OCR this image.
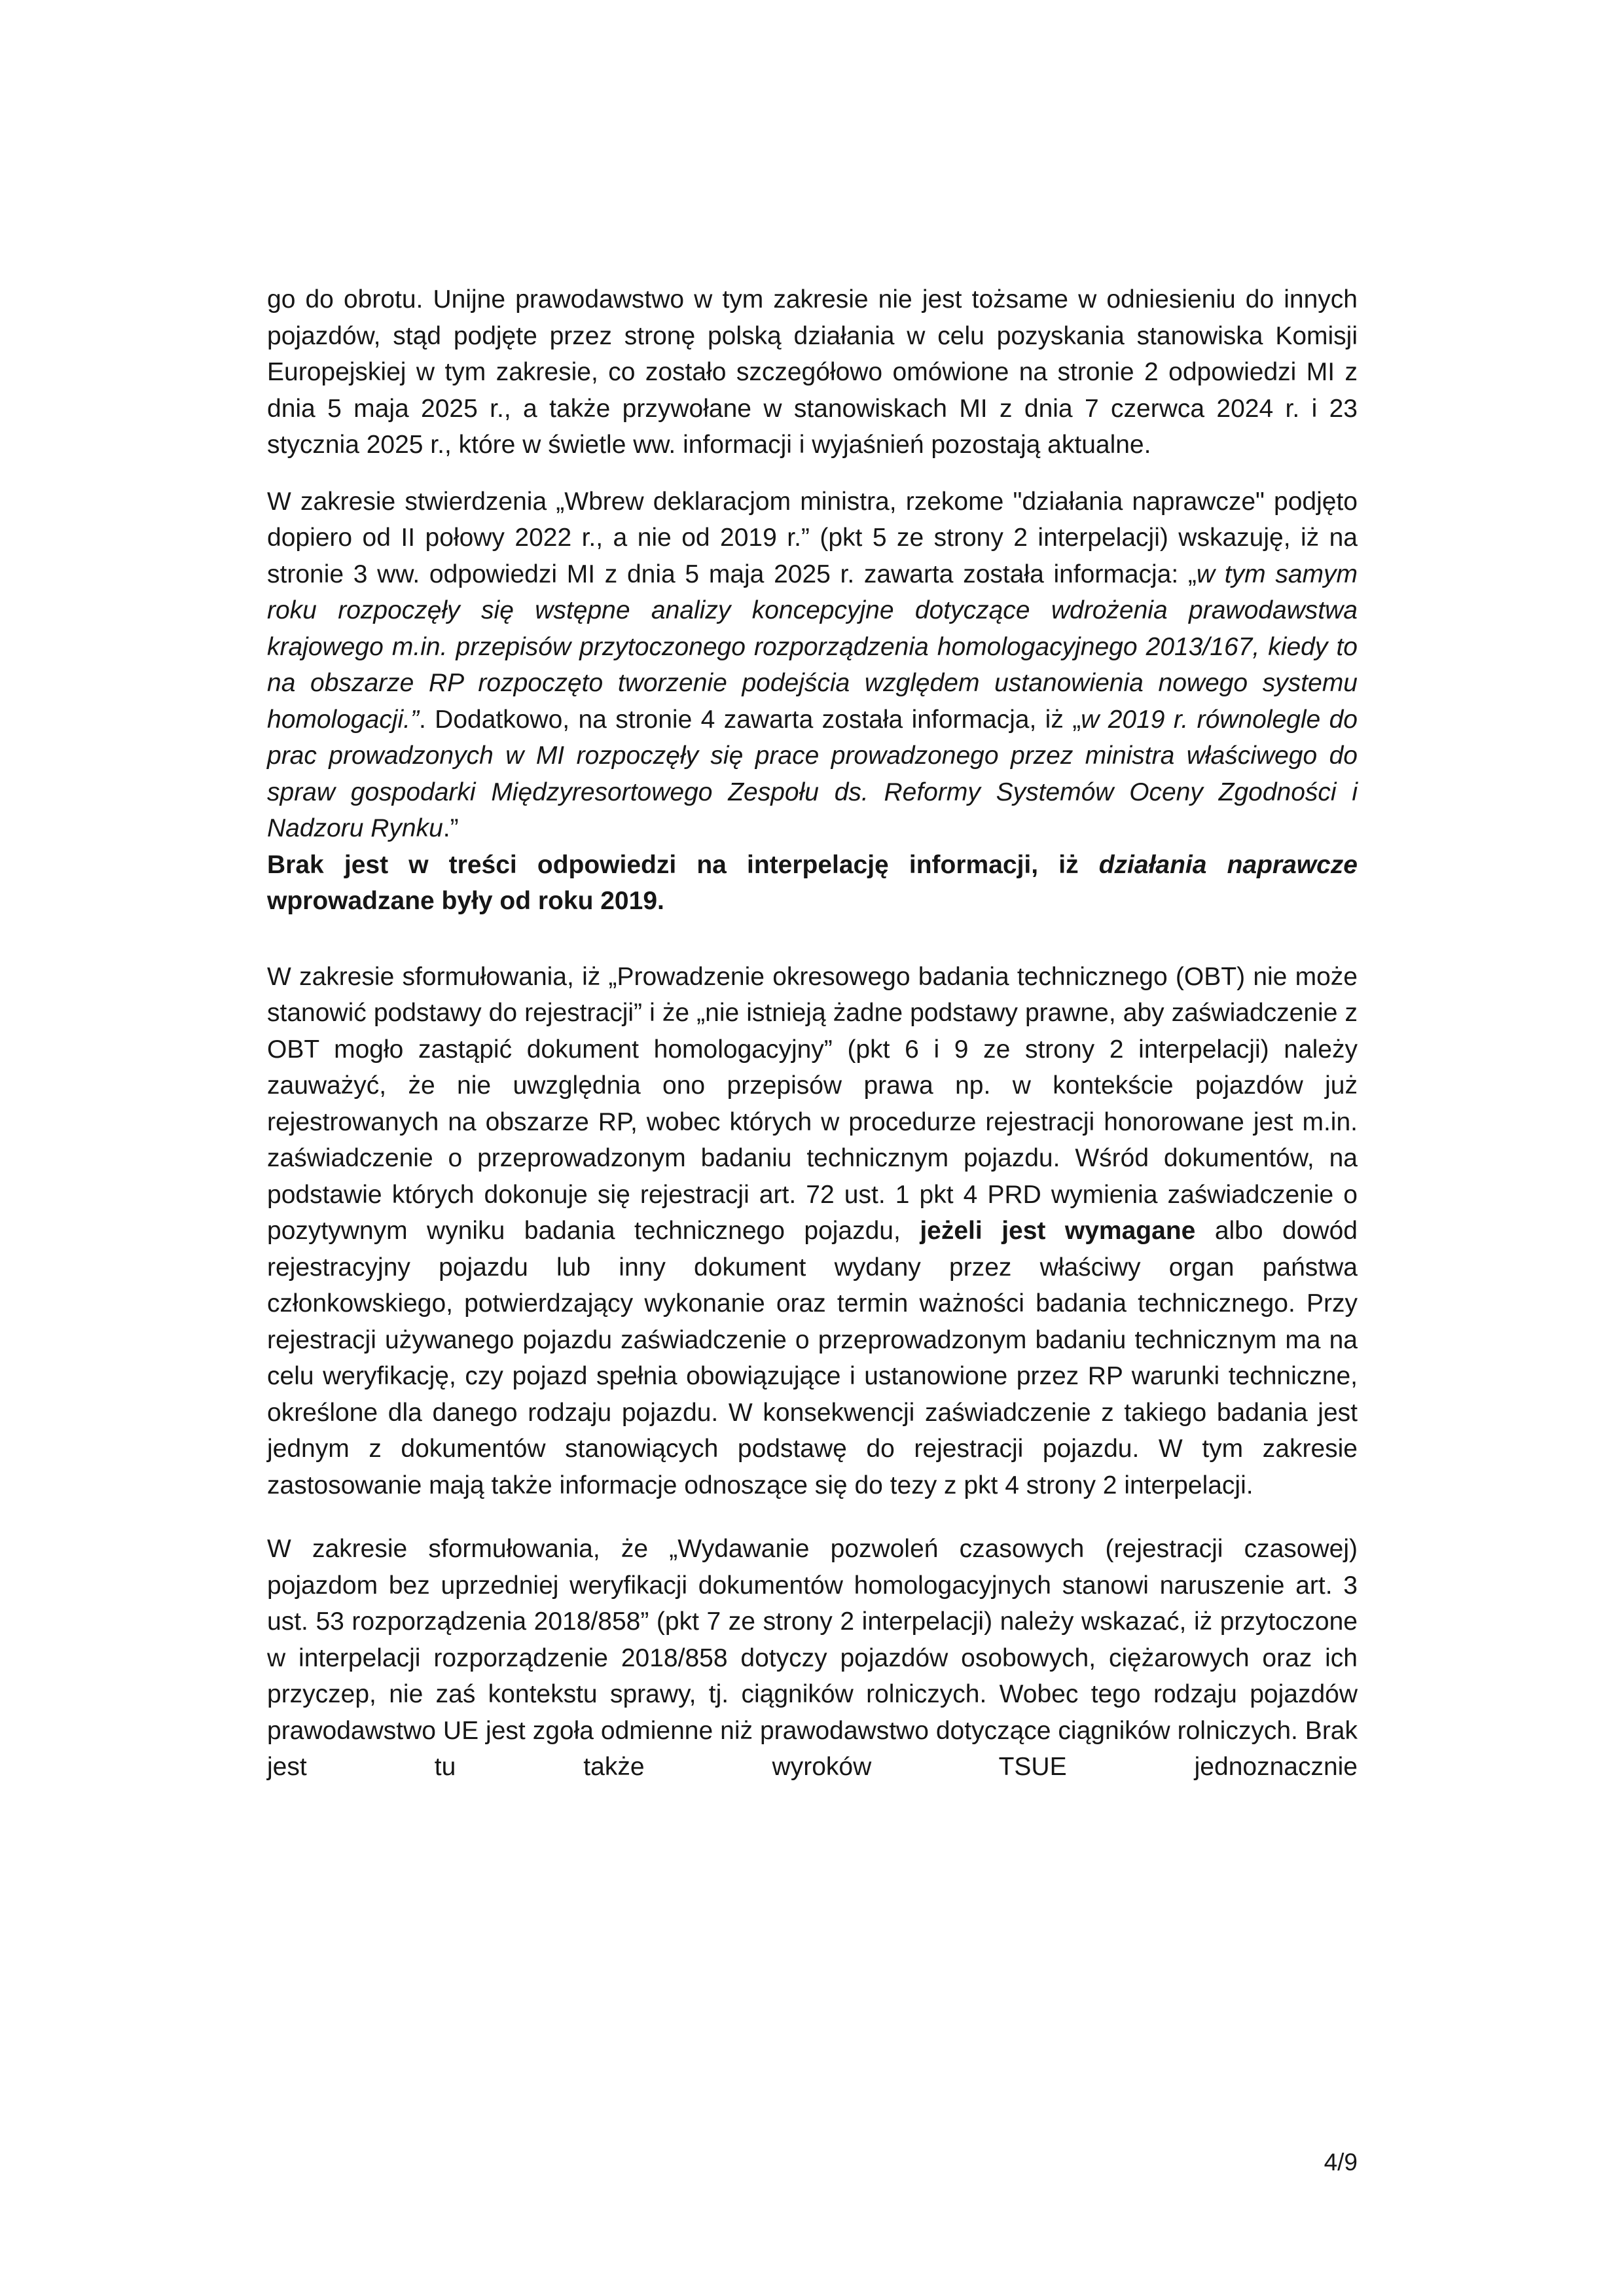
go do obrotu. Unijne prawodawstwo w tym zakresie nie jest tożsame w odniesieniu do innych pojazdów, stąd podjęte przez stronę polską działania w celu pozyskania stanowiska Komisji Europejskiej w tym zakresie, co zostało szczegółowo omówione na stronie 2 odpowiedzi MI z dnia 5 maja 2025 r., a także przywołane w stanowiskach MI z dnia 7 czerwca 2024 r. i 23 stycznia 2025 r., które w świetle ww. informacji i wyjaśnień pozostają aktualne.

W zakresie stwierdzenia „Wbrew deklaracjom ministra, rzekome "działania naprawcze" podjęto dopiero od II połowy 2022 r., a nie od 2019 r.” (pkt 5 ze strony 2 interpelacji) wskazuję, iż na stronie 3 ww. odpowiedzi MI z dnia 5 maja 2025 r. zawarta została informacja: „w tym samym roku rozpoczęły się wstępne analizy koncepcyjne dotyczące wdrożenia prawodawstwa krajowego m.in. przepisów przytoczonego rozporządzenia homologacyjnego 2013/167, kiedy to na obszarze RP rozpoczęto tworzenie podejścia względem ustanowienia nowego systemu homologacji.”. Dodatkowo, na stronie 4 zawarta została informacja, iż „w 2019 r. równolegle do prac prowadzonych w MI rozpoczęły się prace prowadzonego przez ministra właściwego do spraw gospodarki Międzyresortowego Zespołu ds. Reformy Systemów Oceny Zgodności i Nadzoru Rynku.”
Brak jest w treści odpowiedzi na interpelację informacji, iż działania naprawcze wprowadzane były od roku 2019.

W zakresie sformułowania, iż „Prowadzenie okresowego badania technicznego (OBT) nie może stanowić podstawy do rejestracji” i że „nie istnieją żadne podstawy prawne, aby zaświadczenie z OBT mogło zastąpić dokument homologacyjny” (pkt 6 i 9 ze strony 2 interpelacji) należy zauważyć, że nie uwzględnia ono przepisów prawa np. w kontekście pojazdów już rejestrowanych na obszarze RP, wobec których w procedurze rejestracji honorowane jest m.in. zaświadczenie o przeprowadzonym badaniu technicznym pojazdu. Wśród dokumentów, na podstawie których dokonuje się rejestracji art. 72 ust. 1 pkt 4 PRD wymienia zaświadczenie o pozytywnym wyniku badania technicznego pojazdu, jeżeli jest wymagane albo dowód rejestracyjny pojazdu lub inny dokument wydany przez właściwy organ państwa członkowskiego, potwierdzający wykonanie oraz termin ważności badania technicznego. Przy rejestracji używanego pojazdu zaświadczenie o przeprowadzonym badaniu technicznym ma na celu weryfikację, czy pojazd spełnia obowiązujące i ustanowione przez RP warunki techniczne, określone dla danego rodzaju pojazdu. W konsekwencji zaświadczenie z takiego badania jest jednym z dokumentów stanowiących podstawę do rejestracji pojazdu. W tym zakresie zastosowanie mają także informacje odnoszące się do tezy z pkt 4 strony 2 interpelacji.

W zakresie sformułowania, że „Wydawanie pozwoleń czasowych (rejestracji czasowej) pojazdom bez uprzedniej weryfikacji dokumentów homologacyjnych stanowi naruszenie art. 3 ust. 53 rozporządzenia 2018/858” (pkt 7 ze strony 2 interpelacji) należy wskazać, iż przytoczone w interpelacji rozporządzenie 2018/858 dotyczy pojazdów osobowych, ciężarowych oraz ich przyczep, nie zaś kontekstu sprawy, tj. ciągników rolniczych. Wobec tego rodzaju pojazdów prawodawstwo UE jest zgoła odmienne niż prawodawstwo dotyczące ciągników rolniczych. Brak jest tu także wyroków TSUE jednoznacznie

4/9
